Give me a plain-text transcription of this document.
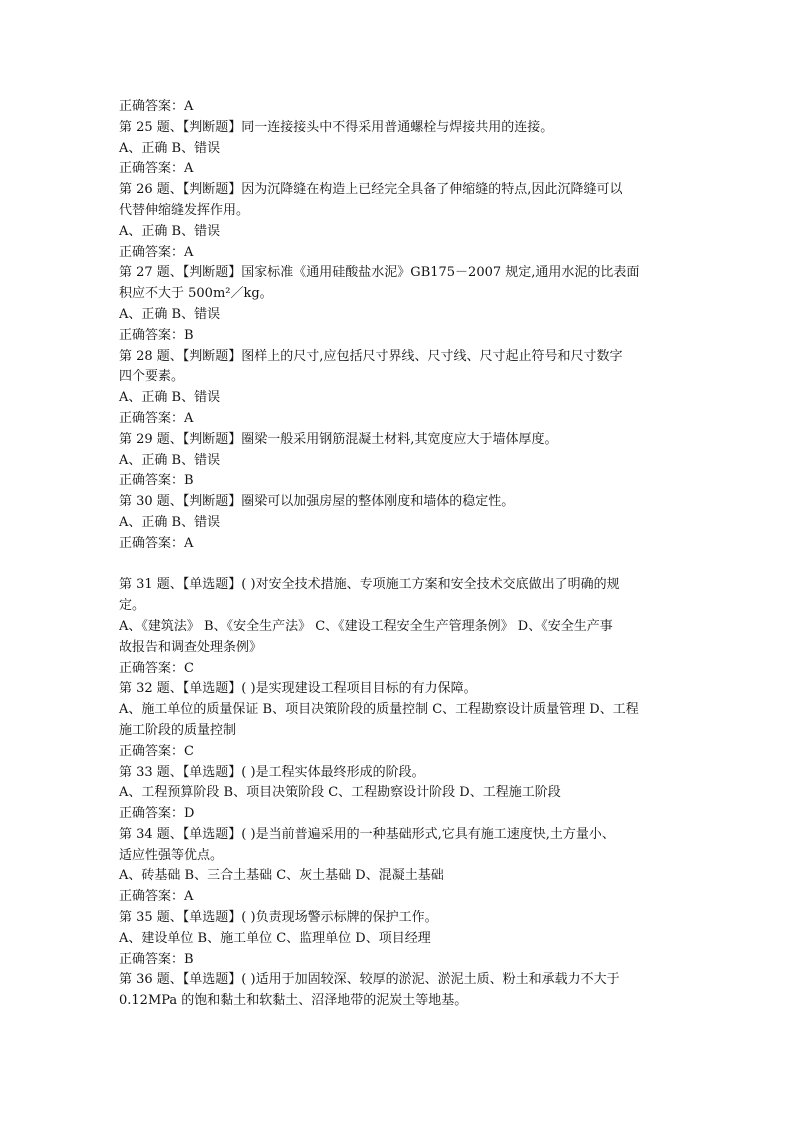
正确答案：A
第 25 题、【判断题】同一连接接头中不得采用普通螺栓与焊接共用的连接。
A、正确 B、错误
正确答案：A
第 26 题、【判断题】因为沉降缝在构造上已经完全具备了伸缩缝的特点,因此沉降缝可以
代替伸缩缝发挥作用。
A、正确 B、错误
正确答案：A
第 27 题、【判断题】国家标准《通用硅酸盐水泥》GB175－2007 规定,通用水泥的比表面
积应不大于 500m²／kg。
A、正确 B、错误
正确答案：B
第 28 题、【判断题】图样上的尺寸,应包括尺寸界线、尺寸线、尺寸起止符号和尺寸数字
四个要素。
A、正确 B、错误
正确答案：A
第 29 题、【判断题】圈梁一般采用钢筋混凝土材料,其宽度应大于墙体厚度。
A、正确 B、错误
正确答案：B
第 30 题、【判断题】圈梁可以加强房屋的整体刚度和墙体的稳定性。
A、正确 B、错误
正确答案：A
第 31 题、【单选题】( )对安全技术措施、专项施工方案和安全技术交底做出了明确的规
定。
A、《建筑法》 B、《安全生产法》 C、《建设工程安全生产管理条例》 D、《安全生产事
故报告和调查处理条例》
正确答案：C
第 32 题、【单选题】( )是实现建设工程项目目标的有力保障。
A、施工单位的质量保证 B、项目决策阶段的质量控制 C、工程勘察设计质量管理 D、工程
施工阶段的质量控制
正确答案：C
第 33 题、【单选题】( )是工程实体最终形成的阶段。
A、工程预算阶段 B、项目决策阶段 C、工程勘察设计阶段 D、工程施工阶段
正确答案：D
第 34 题、【单选题】( )是当前普遍采用的一种基础形式,它具有施工速度快,土方量小、
适应性强等优点。
A、砖基础 B、三合土基础 C、灰土基础 D、混凝土基础
正确答案：A
第 35 题、【单选题】( )负责现场警示标牌的保护工作。
A、建设单位 B、施工单位 C、监理单位 D、项目经理
正确答案：B
第 36 题、【单选题】( )适用于加固较深、较厚的淤泥、淤泥土质、粉土和承载力不大于
0.12MPa 的饱和黏土和软黏土、沼泽地带的泥炭土等地基。
